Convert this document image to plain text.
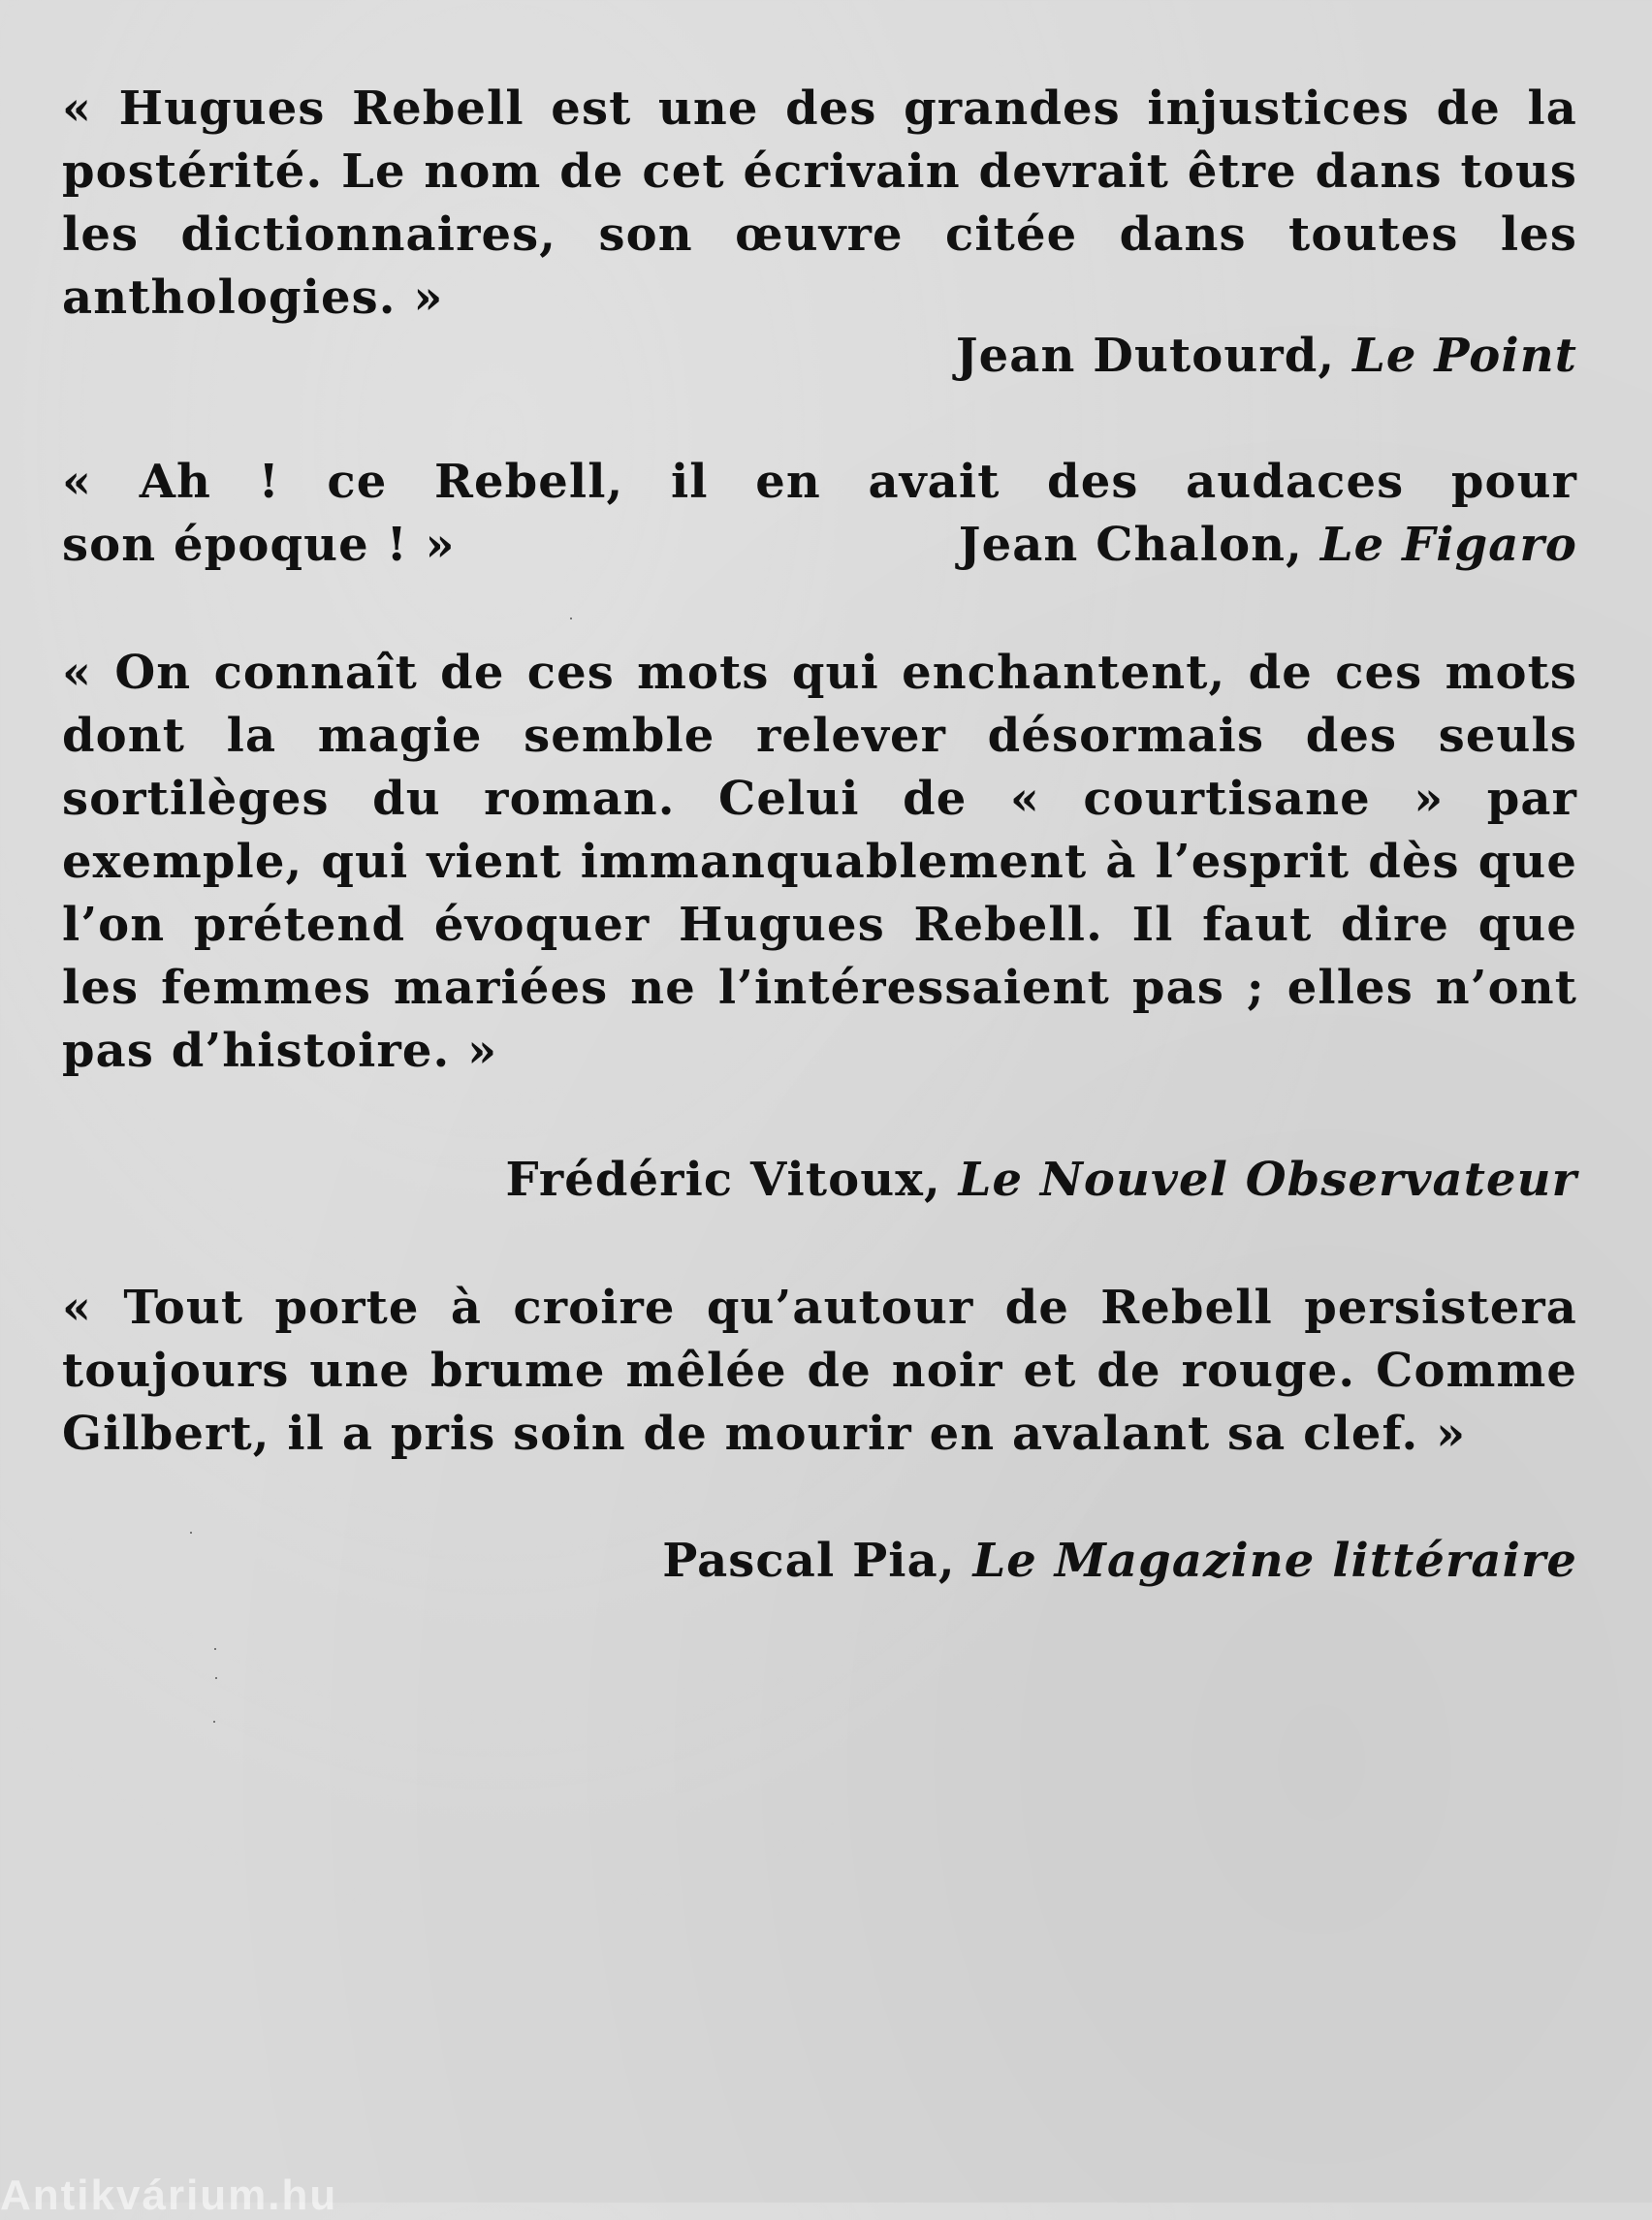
« Hugues Rebell est une des grandes injustices de la postérité. Le nom de cet écrivain devrait être dans tous les dictionnaires, son œuvre citée dans toutes les anthologies. »

Jean Dutourd, Le Point

« Ah ! ce Rebell, il en avait des audaces pour
son époque ! »	Jean Chalon, Le Figaro

« On connaît de ces mots qui enchantent, de ces mots dont la magie semble relever désormais des seuls sortilèges du roman. Celui de « courtisane » par exemple, qui vient immanquablement à l’esprit dès que l’on prétend évoquer Hugues Rebell. Il faut dire que les femmes mariées ne l’intéressaient pas ; elles n’ont pas d’histoire. »

Frédéric Vitoux, Le Nouvel Observateur

« Tout porte à croire qu’autour de Rebell persistera toujours une brume mêlée de noir et de rouge. Comme Gilbert, il a pris soin de mourir en avalant sa clef. »

Pascal Pia, Le Magazine littéraire

Antikvárium.hu
